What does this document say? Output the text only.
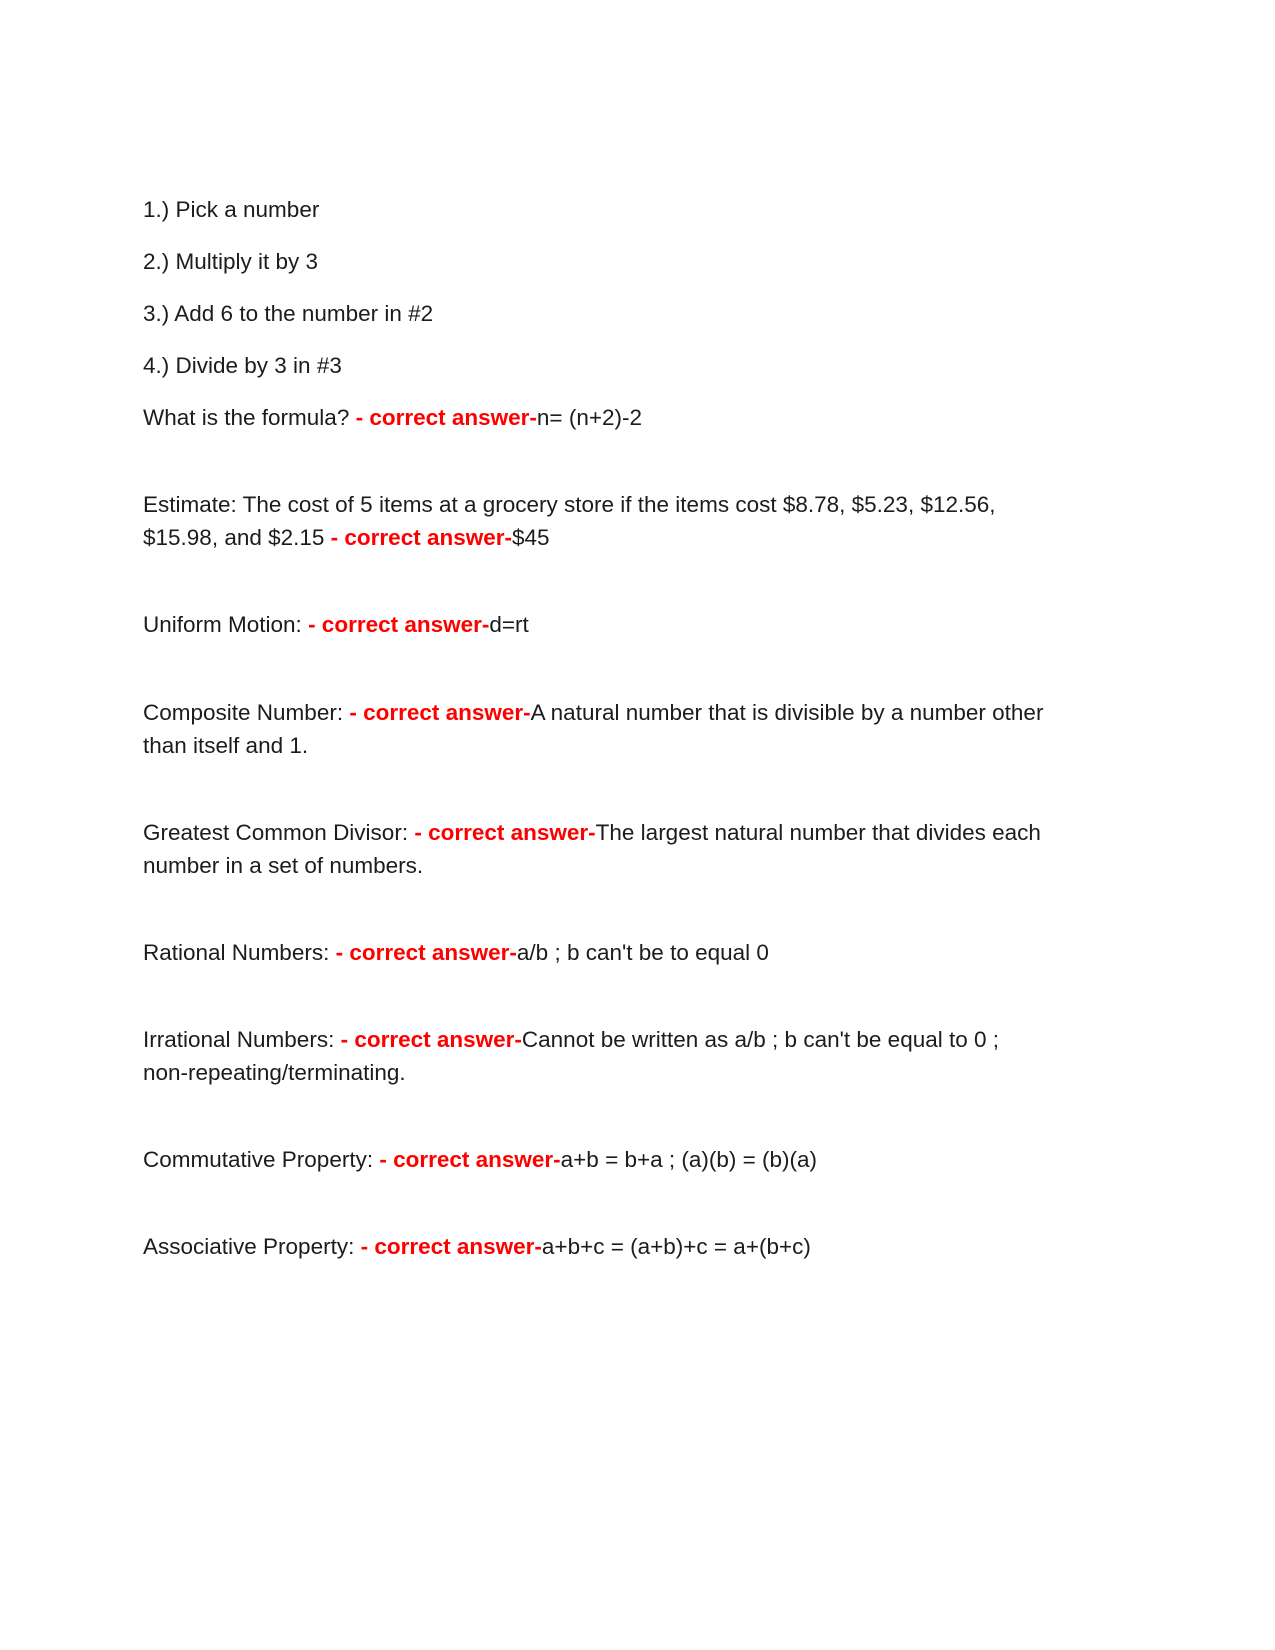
1.) Pick a number

2.) Multiply it by 3

3.) Add 6 to the number in #2

4.) Divide by 3 in #3

What is the formula? - correct answer-n= (n+2)-2

Estimate: The cost of 5 items at a grocery store if the items cost $8.78, $5.23, $12.56, $15.98, and $2.15 - correct answer-$45

Uniform Motion: - correct answer-d=rt

Composite Number: - correct answer-A natural number that is divisible by a number other than itself and 1.

Greatest Common Divisor: - correct answer-The largest natural number that divides each number in a set of numbers.

Rational Numbers: - correct answer-a/b ; b can't be to equal 0

Irrational Numbers: - correct answer-Cannot be written as a/b ; b can't be equal to 0 ; non-repeating/terminating.

Commutative Property: - correct answer-a+b = b+a ; (a)(b) = (b)(a)

Associative Property: - correct answer-a+b+c = (a+b)+c = a+(b+c)
